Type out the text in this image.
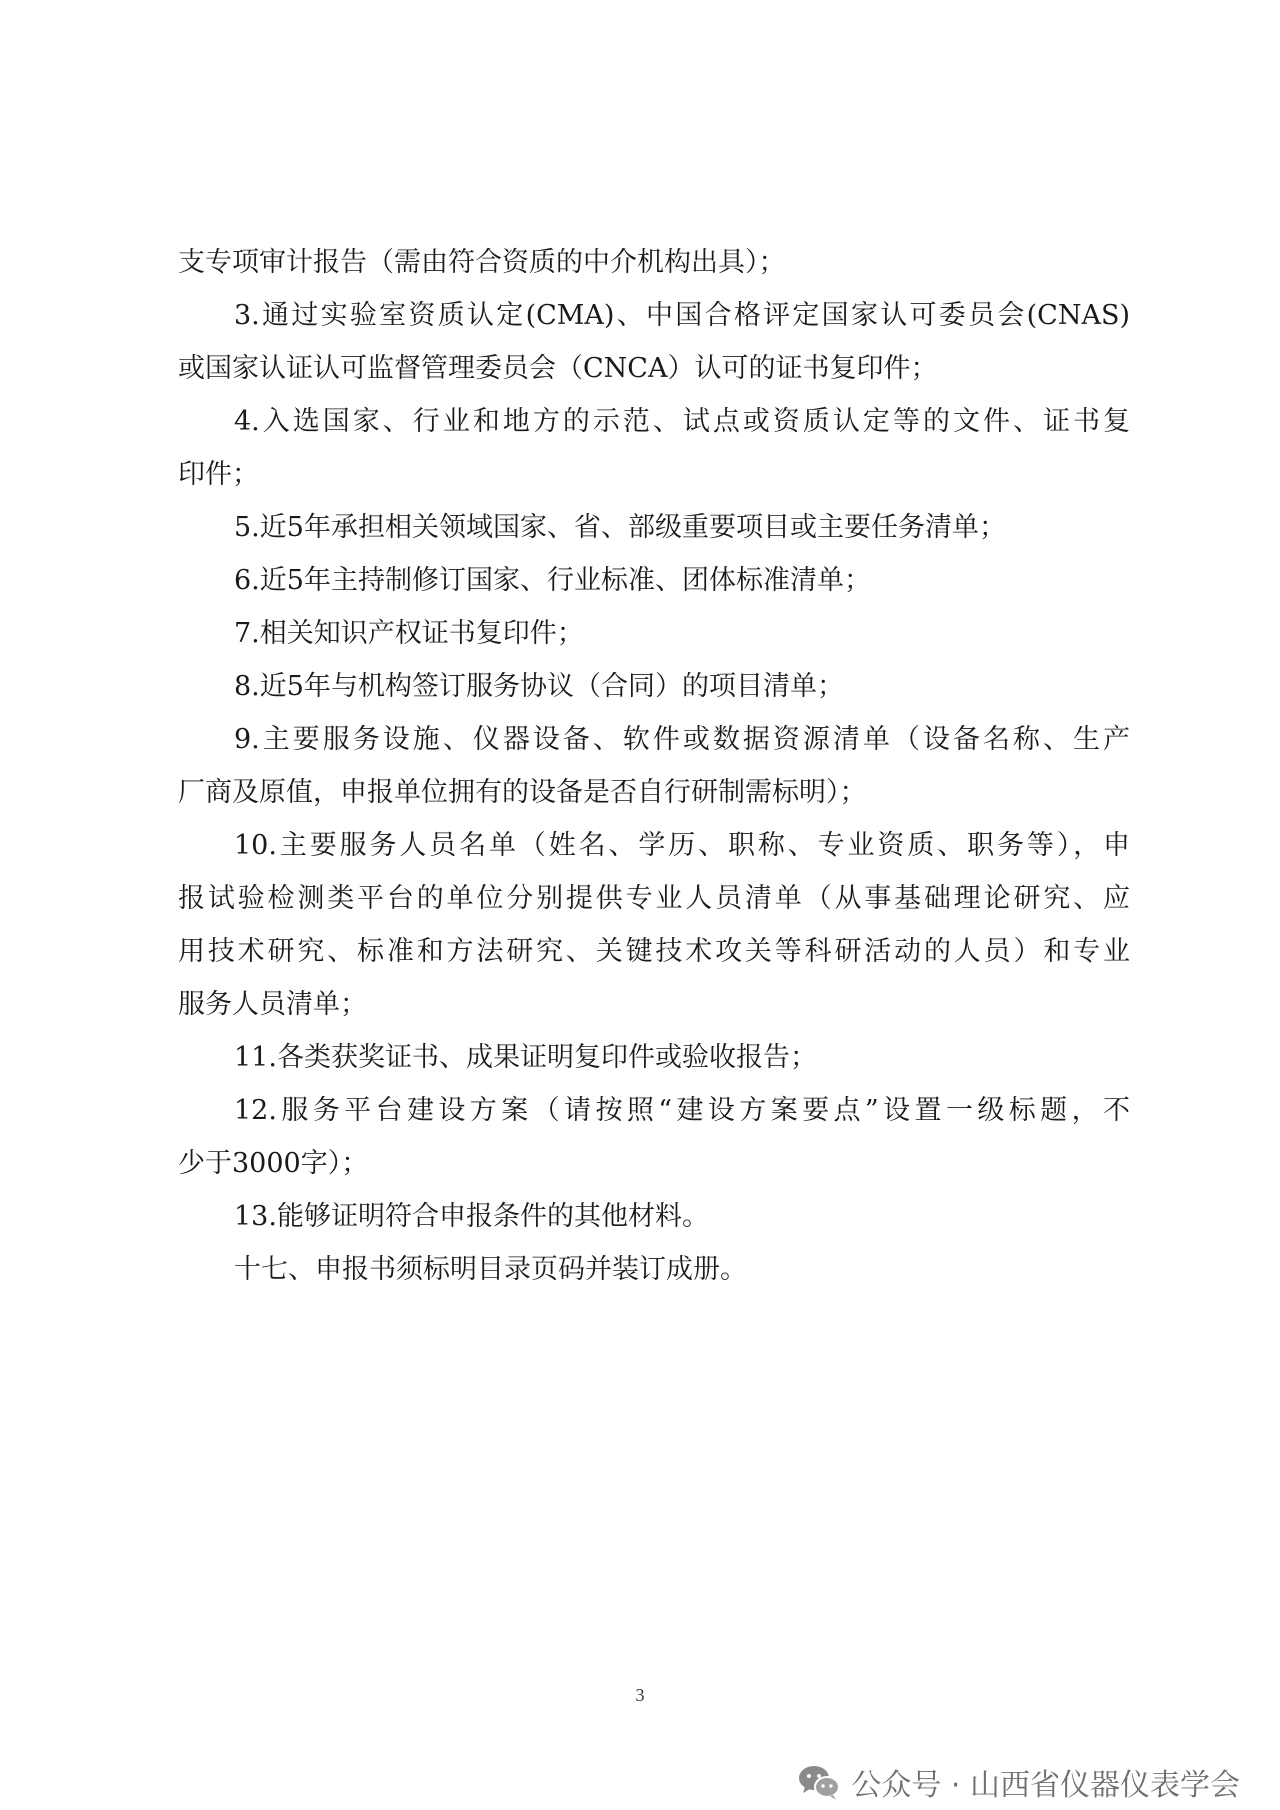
支专项审计报告（需由符合资质的中介机构出具）；
3.通过实验室资质认定(CMA)、中国合格评定国家认可委员会(CNAS)
或国家认证认可监督管理委员会（CNCA）认可的证书复印件；
4.入选国家、行业和地方的示范、试点或资质认定等的文件、证书复
印件；
5.近5年承担相关领域国家、省、部级重要项目或主要任务清单；
6.近5年主持制修订国家、行业标准、团体标准清单；
7.相关知识产权证书复印件；
8.近5年与机构签订服务协议（合同）的项目清单；
9.主要服务设施、仪器设备、软件或数据资源清单（设备名称、生产
厂商及原值，申报单位拥有的设备是否自行研制需标明）；
10.主要服务人员名单（姓名、学历、职称、专业资质、职务等），申
报试验检测类平台的单位分别提供专业人员清单（从事基础理论研究、应
用技术研究、标准和方法研究、关键技术攻关等科研活动的人员）和专业
服务人员清单；
11.各类获奖证书、成果证明复印件或验收报告；
12.服务平台建设方案（请按照“建设方案要点”设置一级标题，不
少于3000字）；
13.能够证明符合申报条件的其他材料。
十七、申报书须标明目录页码并装订成册。
3
公众号 · 山西省仪器仪表学会
